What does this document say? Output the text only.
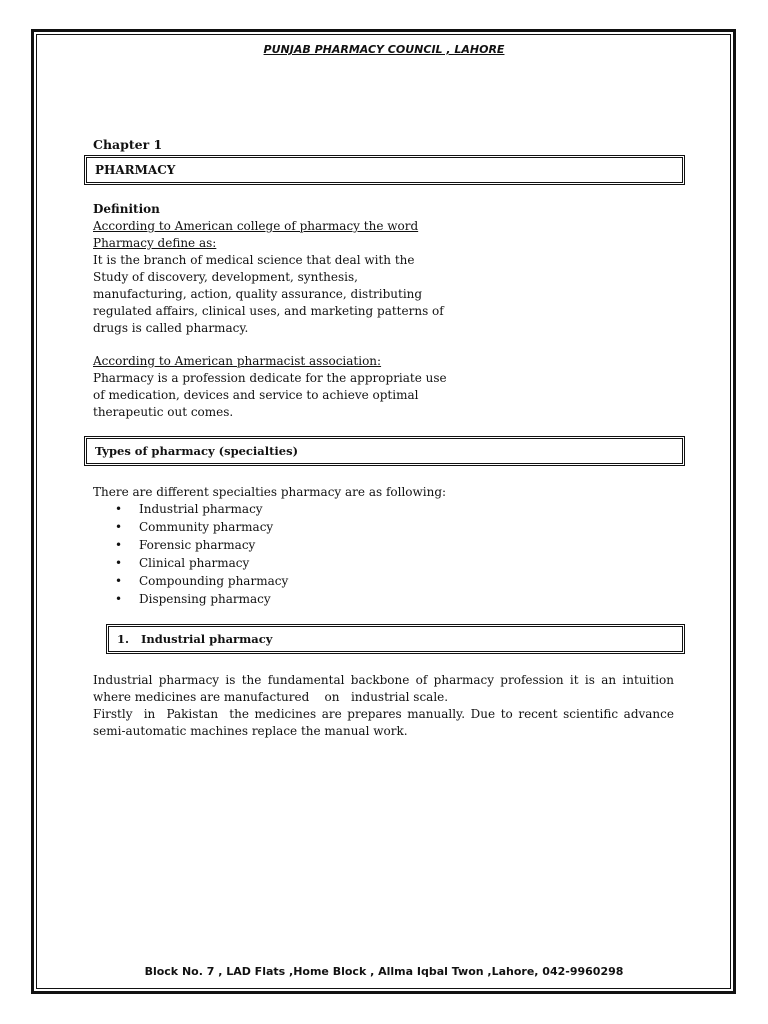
PUNJAB PHARMACY COUNCIL , LAHORE
Chapter 1
PHARMACY
Definition
According to American college of pharmacy the word
Pharmacy define as:
It is the branch of medical science that deal with the
Study of discovery, development, synthesis,
manufacturing, action, quality assurance, distributing
regulated affairs, clinical uses, and marketing patterns of
drugs is called pharmacy.
According to American pharmacist association:
Pharmacy is a profession dedicate for the appropriate use
of medication, devices and service to achieve optimal
therapeutic out comes.
Types of pharmacy (specialties)
There are different specialties pharmacy are as following:
• Industrial pharmacy
• Community pharmacy
• Forensic pharmacy
• Clinical pharmacy
• Compounding pharmacy
• Dispensing pharmacy
1.	Industrial pharmacy
Industrial pharmacy is the fundamental backbone of pharmacy profession it is an intuition
where medicines are manufactured    on   industrial scale.
Firstly  in  Pakistan  the medicines are prepares manually. Due to recent scientific advance
semi-automatic machines replace the manual work.
Block No. 7 , LAD Flats ,Home Block , Allma Iqbal Twon ,Lahore, 042-9960298
